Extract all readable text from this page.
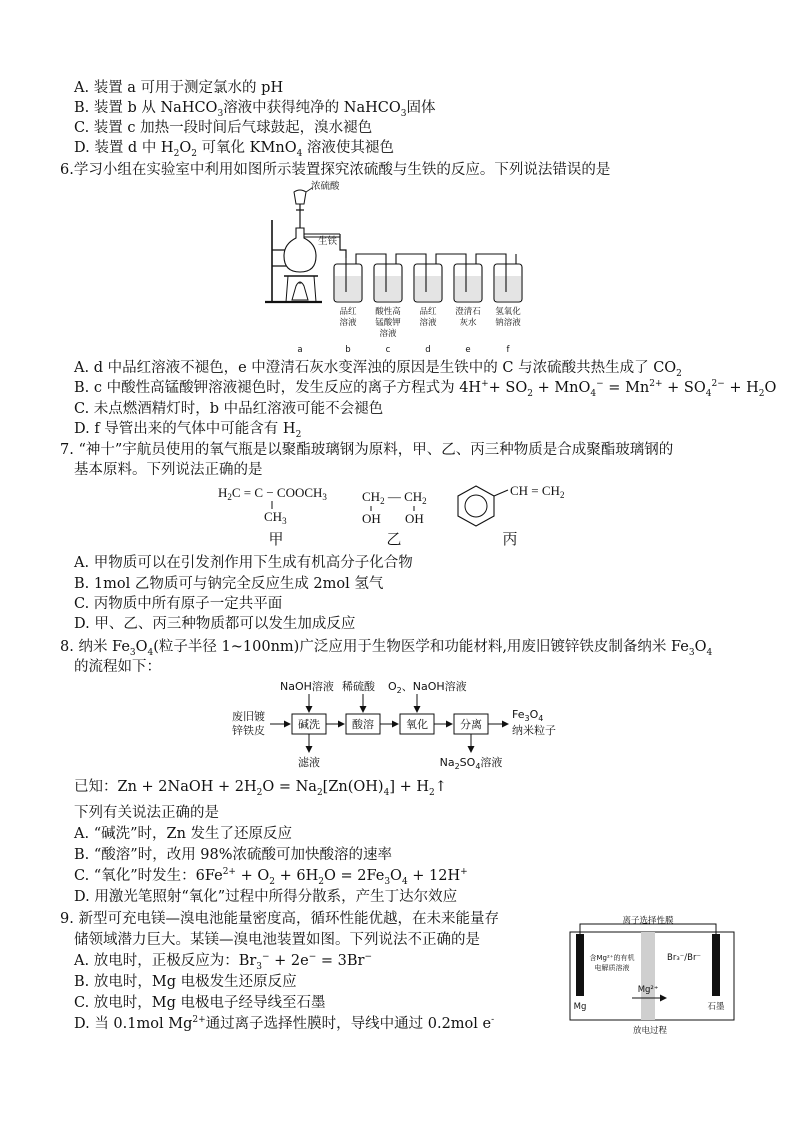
A. 装置 a 可用于测定氯水的 pH
B. 装置 b 从 NaHCO$_3$溶液中获得纯净的 NaHCO$_3$固体
C. 装置 c 加热一段时间后气球鼓起，溴水褪色
D. 装置 d 中 $H_2O_2$ 可氧化 KMnO$_4$ 溶液使其褪色
6.学习小组在实验室中利用如图所示装置探究浓硫酸与生铁的反应。下列说法错误的是
浓硫酸
生铁
品红
溶液
酸性高
锰酸钾
溶液
品红
溶液
澄清石
灰水
氢氧化
钠溶液
a	b	c	d	e	f
A. d 中品红溶液不褪色，e 中澄清石灰水变浑浊的原因是生铁中的 C 与浓硫酸共热生成了 $CO_2$
B. c 中酸性高锰酸钾溶液褪色时，发生反应的离子方程式为 $4H^++ SO_2 + MnO_4^- = Mn^{2+} + SO_4^{2-} + H_2O$
C. 未点燃酒精灯时，b 中品红溶液可能不会褪色
D. f 导管出来的气体中可能含有 $H_2$
7. “神十”宇航员使用的氧气瓶是以聚酯玻璃钢为原料，甲、乙、丙三种物质是合成聚酯玻璃钢的
基本原料。下列说法正确的是
$H_2C = C$ − $COOCH_3$
$CH_3$
甲
$CH_2$ — $CH_2$
OH OH
乙
CH = $CH_2$
丙
A. 甲物质可以在引发剂作用下生成有机高分子化合物
B. 1mol 乙物质可与钠完全反应生成 2mol 氢气
C. 丙物质中所有原子一定共平面
D. 甲、乙、丙三种物质都可以发生加成反应
8. 纳米 $Fe_3O_4$(粒子半径 1~100nm)广泛应用于生物医学和功能材料,用废旧镀锌铁皮制备纳米 $Fe_3O_4$
的流程如下：
NaOH溶液 稀硫酸 $O_2$、NaOH溶液
废旧镀
锌铁皮	碱洗	酸溶	氧化	分离
滤液	$Na_2SO_4$溶液
$Fe_3O_4$
纳米粒子
已知：Zn + 2NaOH + $2H_2O = Na_2[Zn(OH)_4]$ + $H_2↑$
下列有关说法正确的是
A. “碱洗”时，Zn 发生了还原反应
B. “酸溶”时，改用 98%浓硫酸可加快酸溶的速率
C. “氧化”时发生：$6Fe^{2+} + O_2 + 6H_2O = 2Fe_3O_4 + 12H^+$
D. 用激光笔照射“氧化”过程中所得分散系，产生丁达尔效应
9. 新型可充电镁—溴电池能量密度高，循环性能优越，在未来能量存
储领域潜力巨大。某镁—溴电池装置如图。下列说法不正确的是
A. 放电时，正极反应为：$Br_3^- + 2e^- = 3Br^-$
B. 放电时，Mg 电极发生还原反应
C. 放电时，Mg 电极电子经导线至石墨
D. 当 0.1mol $Mg^{2+}$通过离子选择性膜时，导线中通过 0.2mol e-
离子选择性膜
含Mg²⁺的有机
电解质溶液
Br₃⁻/Br⁻
Mg²⁺
Mg	石墨
放电过程
